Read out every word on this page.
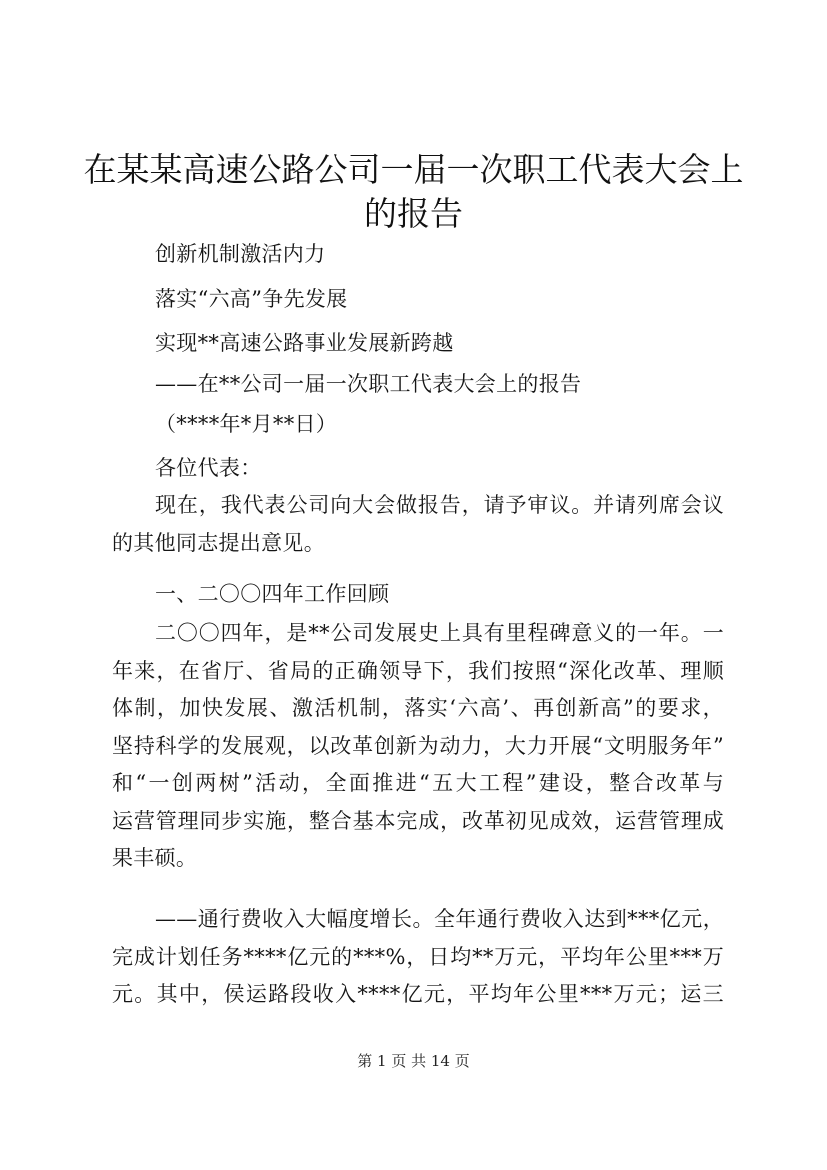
在某某高速公路公司一届一次职工代表大会上
的报告
创新机制激活内力
落实“六高”争先发展
实现**高速公路事业发展新跨越
——在**公司一届一次职工代表大会上的报告
（****年*月**日）
各位代表：
现在，我代表公司向大会做报告，请予审议。并请列席会议
的其他同志提出意见。
一、二〇〇四年工作回顾
二〇〇四年，是**公司发展史上具有里程碑意义的一年。一
年来，在省厅、省局的正确领导下，我们按照“深化改革、理顺
体制，加快发展、激活机制，落实‘六高’、再创新高”的要求，
坚持科学的发展观，以改革创新为动力，大力开展“文明服务年”
和“一创两树”活动，全面推进“五大工程”建设，整合改革与
运营管理同步实施，整合基本完成，改革初见成效，运营管理成
果丰硕。
——通行费收入大幅度增长。全年通行费收入达到***亿元，
完成计划任务****亿元的***%，日均**万元，平均年公里***万
元。其中，侯运路段收入****亿元，平均年公里***万元；运三
第 1 页 共 14 页
